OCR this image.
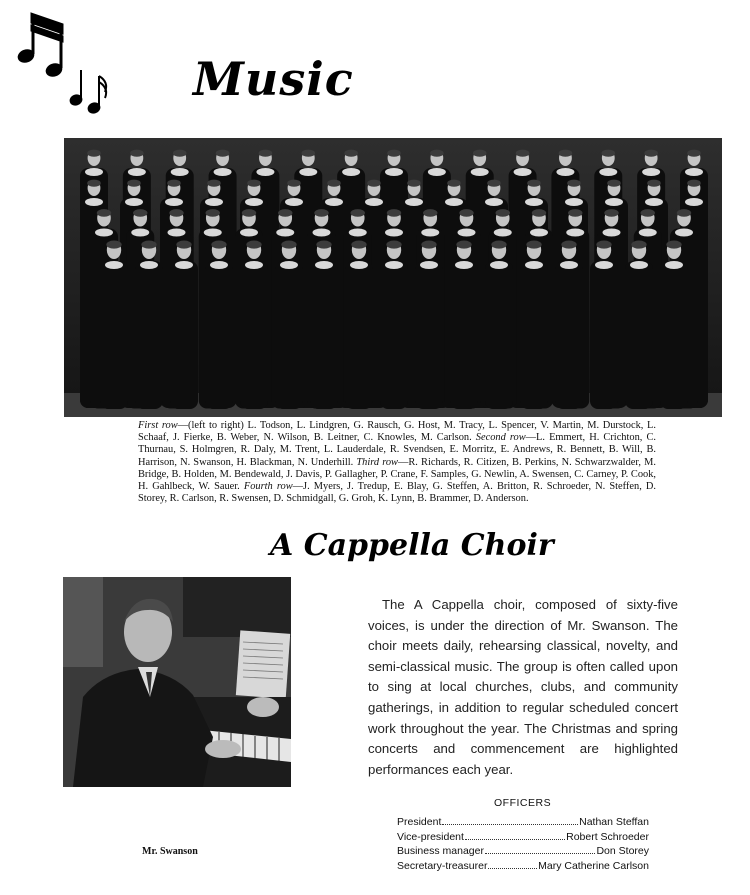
Music
First row—(left to right) L. Todson, L. Lindgren, G. Rausch, G. Host, M. Tracy, L. Spencer, V. Martin, M. Durstock, L. Schaaf, J. Fierke, B. Weber, N. Wilson, B. Leitner, C. Knowles, M. Carlson. Second row—L. Emmert, H. Crichton, C. Thurnau, S. Holmgren, R. Daly, M. Trent, L. Lauderdale, R. Svendsen, E. Morritz, E. Andrews, R. Bennett, B. Will, B. Harrison, N. Swanson, H. Blackman, N. Underhill. Third row—R. Richards, R. Citizen, B. Perkins, N. Schwarzwalder, M. Bridge, B. Holden, M. Bendewald, J. Davis, P. Gallagher, P. Crane, F. Samples, G. Newlin, A. Swensen, C. Carney, P. Cook, H. Gahlbeck, W. Sauer. Fourth row—J. Myers, J. Tredup, E. Blay, G. Steffen, A. Britton, R. Schroeder, N. Steffen, D. Storey, R. Carlson, R. Swensen, D. Schmidgall, G. Groh, K. Lynn, B. Brammer, D. Anderson.
A Cappella Choir
Mr. Swanson

The A Cappella choir, composed of sixty-five voices, is under the direction of Mr. Swanson. The choir meets daily, rehearsing classical, novelty, and semi-classical music. The group is often called upon to sing at local churches, clubs, and community gatherings, in addition to regular scheduled concert work throughout the year. The Christmas and spring concerts and commencement are highlighted performances each year.

OFFICERS
President	Nathan Steffan
Vice-president	Robert Schroeder
Business manager	Don Storey
Secretary-treasurer	Mary Catherine Carlson
